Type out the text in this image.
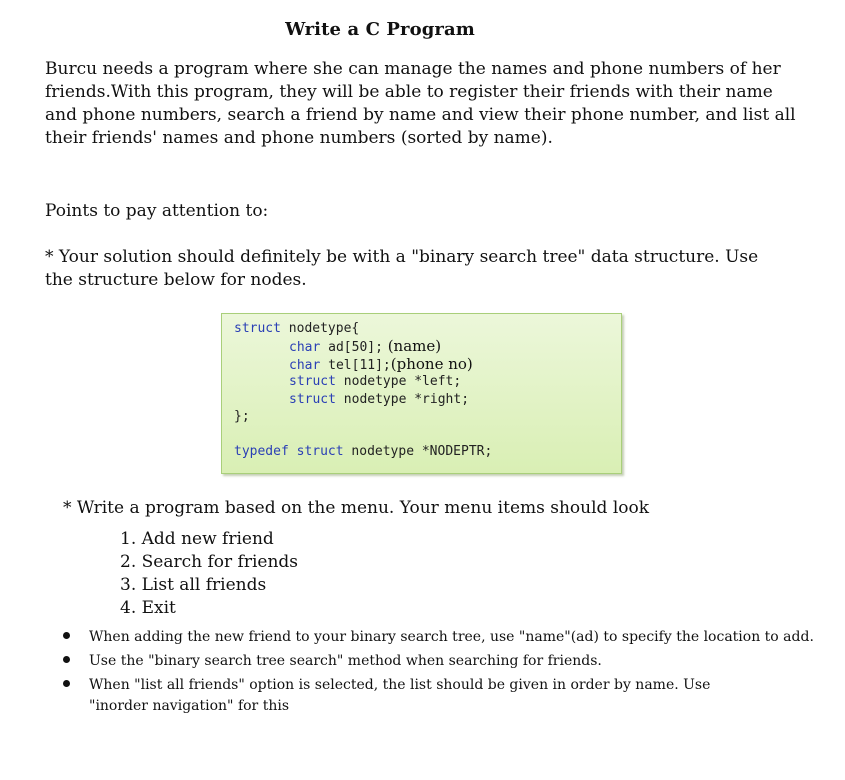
Write a C Program
Burcu needs a program where she can manage the names and phone numbers of her
friends.With this program, they will be able to register their friends with their name
and phone numbers, search a friend by name and view their phone number, and list all
their friends' names and phone numbers (sorted by name).
Points to pay attention to:
* Your solution should definitely be with a "binary search tree" data structure. Use
the structure below for nodes.
struct nodetype{
char ad[50]; (name)
char tel[11];(phone no)
struct nodetype *left;
struct nodetype *right;
};
typedef struct nodetype *NODEPTR;
* Write a program based on the menu. Your menu items should look
1. Add new friend
2. Search for friends
3. List all friends
4. Exit
When adding the new friend to your binary search tree, use "name"(ad) to specify the location to add.
Use the "binary search tree search" method when searching for friends.
When "list all friends" option is selected, the list should be given in order by name. Use "inorder navigation" for this
